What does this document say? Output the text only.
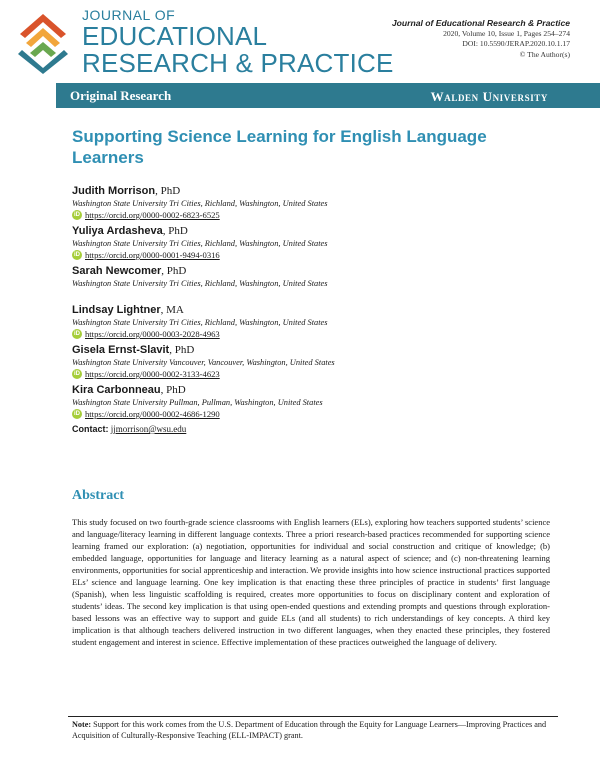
JOURNAL OF
EDUCATIONAL
RESEARCH & PRACTICE
Journal of Educational Research & Practice
2020, Volume 10, Issue 1, Pages 254–274
DOI: 10.5590/JERAP.2020.10.1.17
© The Author(s)
Original Research	Walden University
Supporting Science Learning for English Language Learners
Judith Morrison, PhD
Washington State University Tri Cities, Richland, Washington, United States
iD https://orcid.org/0000-0002-6823-6525
Yuliya Ardasheva, PhD
Washington State University Tri Cities, Richland, Washington, United States
iD https://orcid.org/0000-0001-9494-0316
Sarah Newcomer, PhD
Washington State University Tri Cities, Richland, Washington, United States
Lindsay Lightner, MA
Washington State University Tri Cities, Richland, Washington, United States
iD https://orcid.org/0000-0003-2028-4963
Gisela Ernst-Slavit, PhD
Washington State University Vancouver, Vancouver, Washington, United States
iD https://orcid.org/0000-0002-3133-4623
Kira Carbonneau, PhD
Washington State University Pullman, Pullman, Washington, United States
iD https://orcid.org/0000-0002-4686-1290
Contact: jjmorrison@wsu.edu
Abstract
This study focused on two fourth-grade science classrooms with English learners (ELs), exploring how teachers supported students’ science and language/literacy learning in different language contexts. Three a priori research-based practices recommended for supporting science learning framed our exploration: (a) negotiation, opportunities for individual and social construction and critique of knowledge; (b) embedded language, opportunities for language and literacy learning as a natural aspect of science; and (c) non-threatening learning environments, opportunities for social apprenticeship and interaction. We provide insights into how science instructional practices supported ELs’ science and language learning. One key implication is that enacting these three principles of practice in students’ first language (Spanish), when less linguistic scaffolding is required, creates more opportunities to focus on disciplinary content and exploration of students’ ideas. The second key implication is that using open-ended questions and extending prompts and questions through exploration-based lessons was an effective way to support and guide ELs (and all students) to rich understandings of key concepts. A third key implication is that although teachers delivered instruction in two different languages, when they enacted these principles, they fostered student engagement and interest in science. Effective implementation of these practices outweighed the language of delivery.
Note: Support for this work comes from the U.S. Department of Education through the Equity for Language Learners—Improving Practices and Acquisition of Culturally-Responsive Teaching (ELL-IMPACT) grant.
